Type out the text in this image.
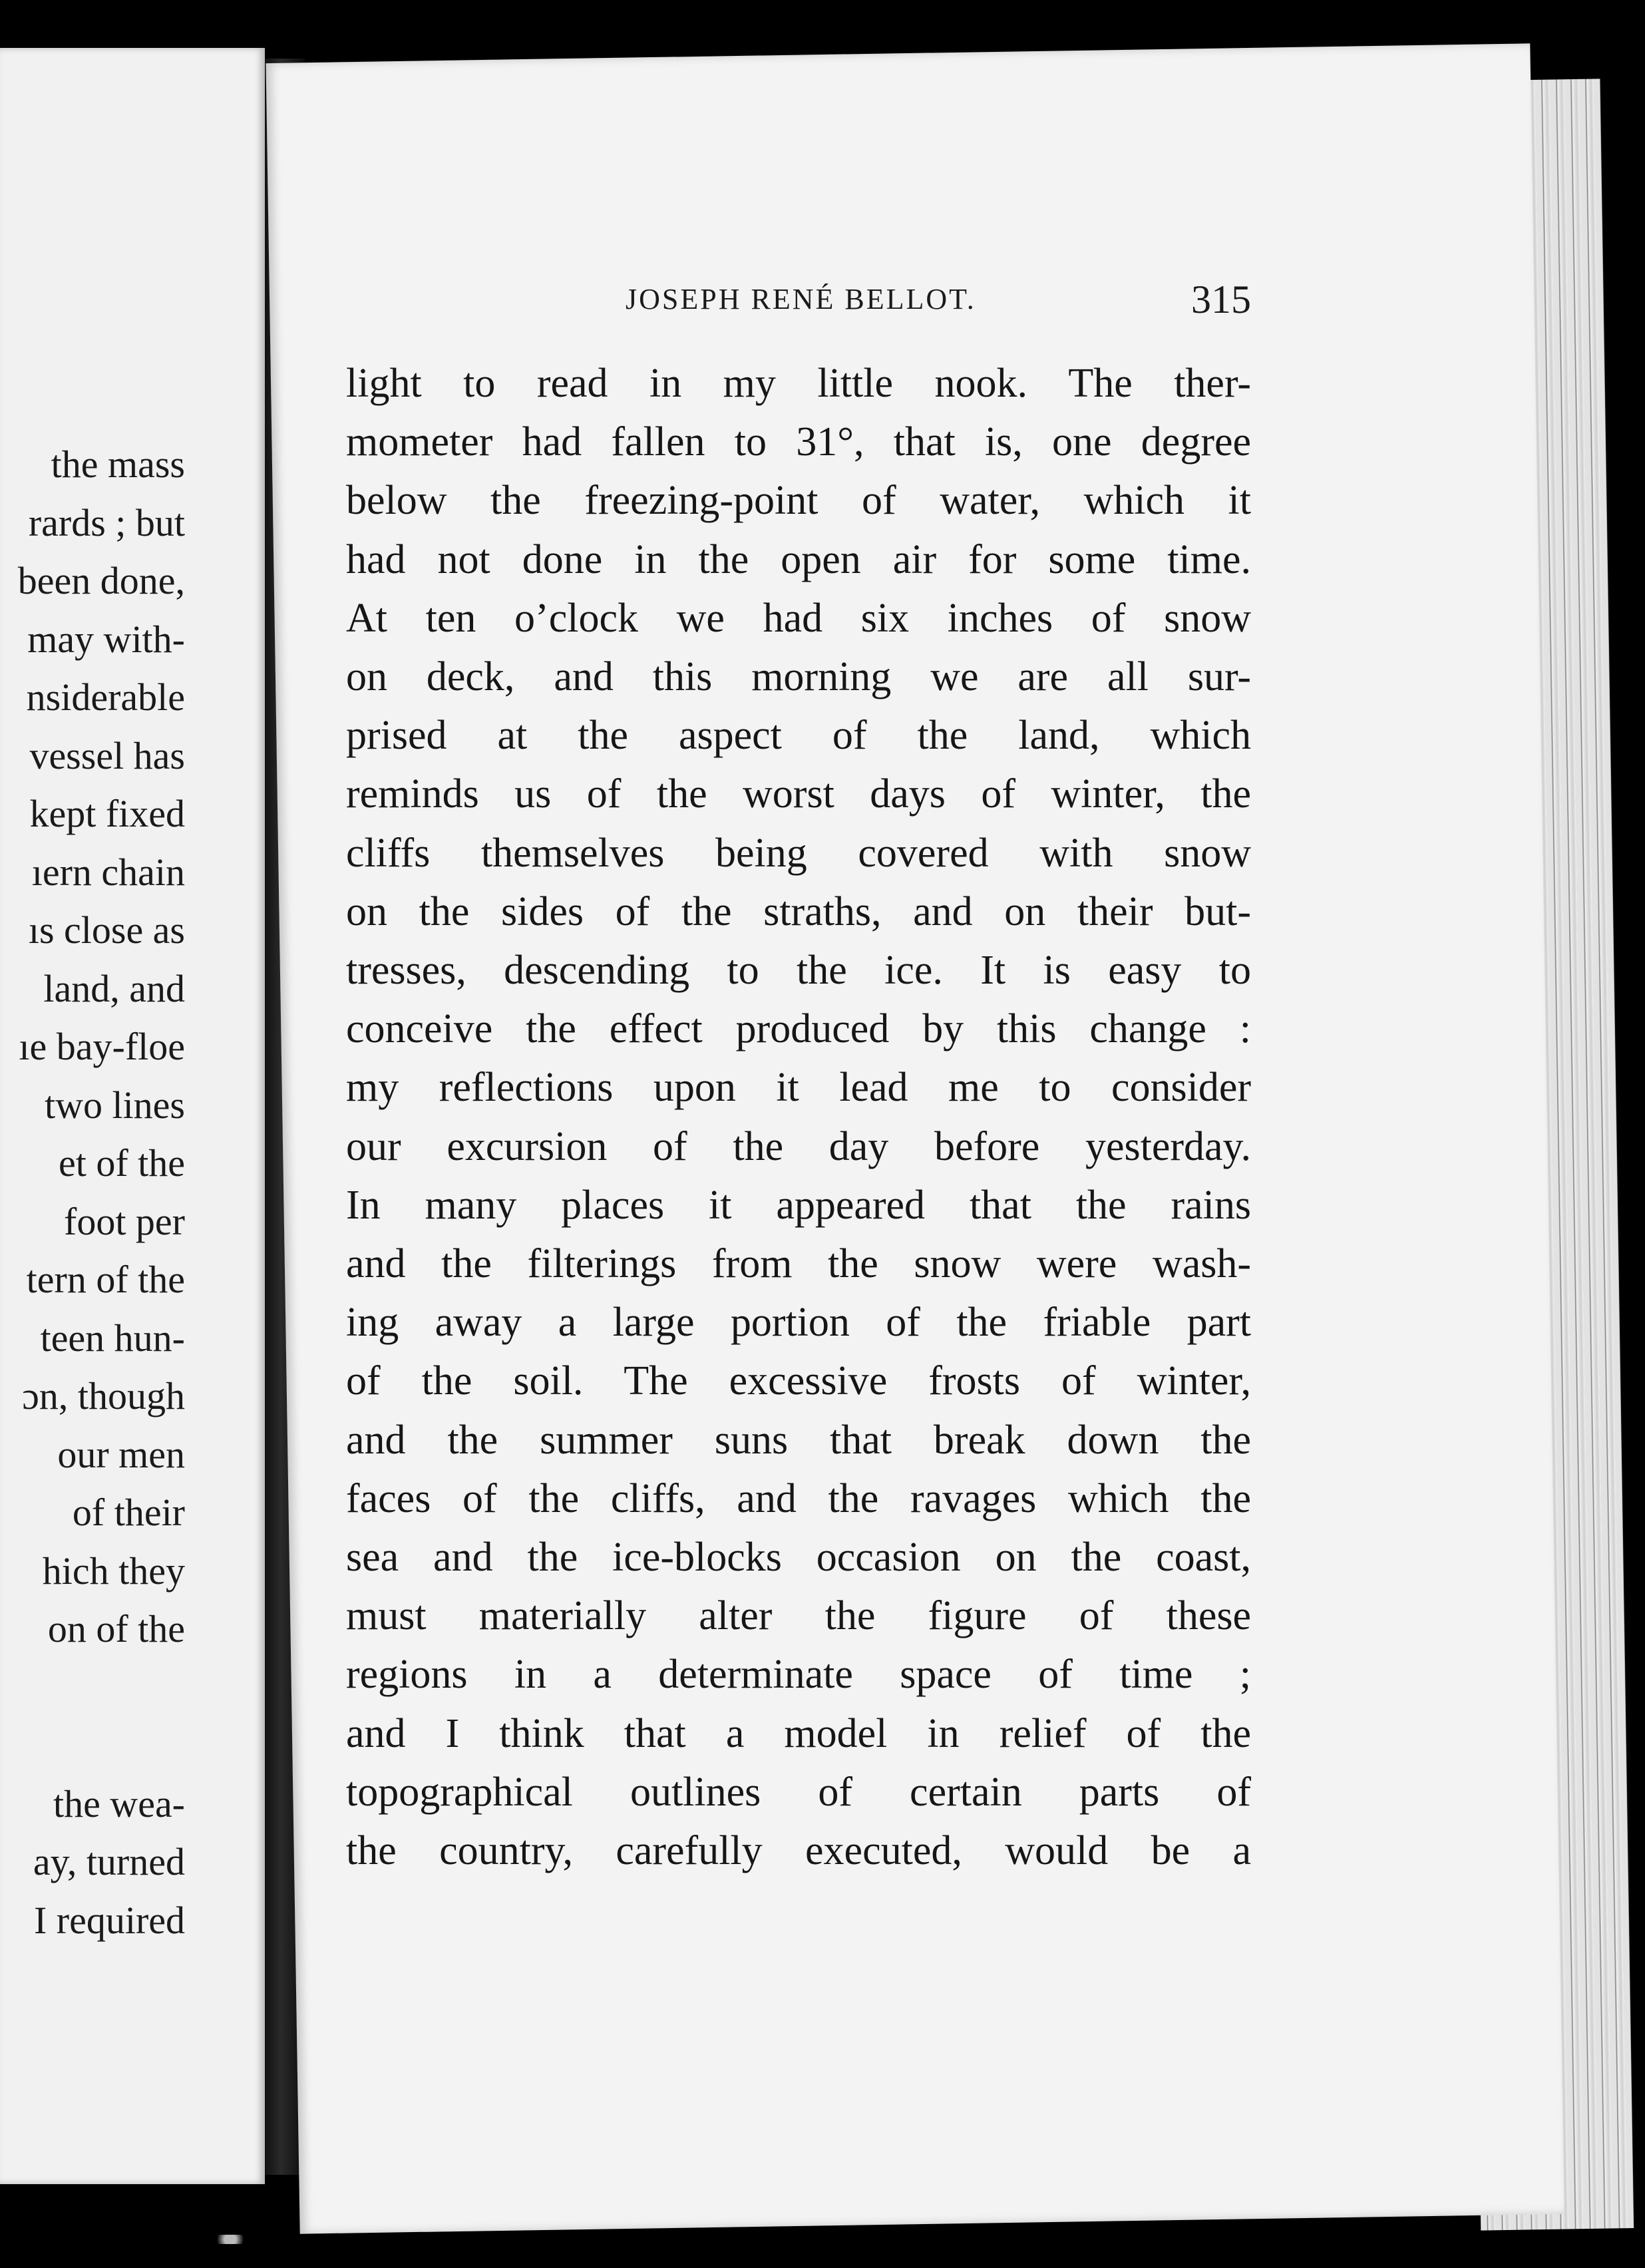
the mass
rards ; but
been done,
may with-
nsiderable
vessel has
kept fixed
ıern chain
ıs close as
land, and
ıe bay-floe
two lines
et of the
foot per
tern of the
teen hun-
ɔn, though
our men
of their
hich they
on of the
the wea-
ay, turned
I required
JOSEPH RENÉ BELLOT.	315
light to read in my little nook. The ther-
mometer had fallen to 31°, that is, one degree
below the freezing-point of water, which it
had not done in the open air for some time.
At ten o’clock we had six inches of snow
on deck, and this morning we are all sur-
prised at the aspect of the land, which
reminds us of the worst days of winter, the
cliffs themselves being covered with snow
on the sides of the straths, and on their but-
tresses, descending to the ice. It is easy to
conceive the effect produced by this change :
my reflections upon it lead me to consider
our excursion of the day before yesterday.
In many places it appeared that the rains
and the filterings from the snow were wash-
ing away a large portion of the friable part
of the soil. The excessive frosts of winter,
and the summer suns that break down the
faces of the cliffs, and the ravages which the
sea and the ice-blocks occasion on the coast,
must materially alter the figure of these
regions in a determinate space of time ;
and I think that a model in relief of the
topographical outlines of certain parts of
the country, carefully executed, would be a
